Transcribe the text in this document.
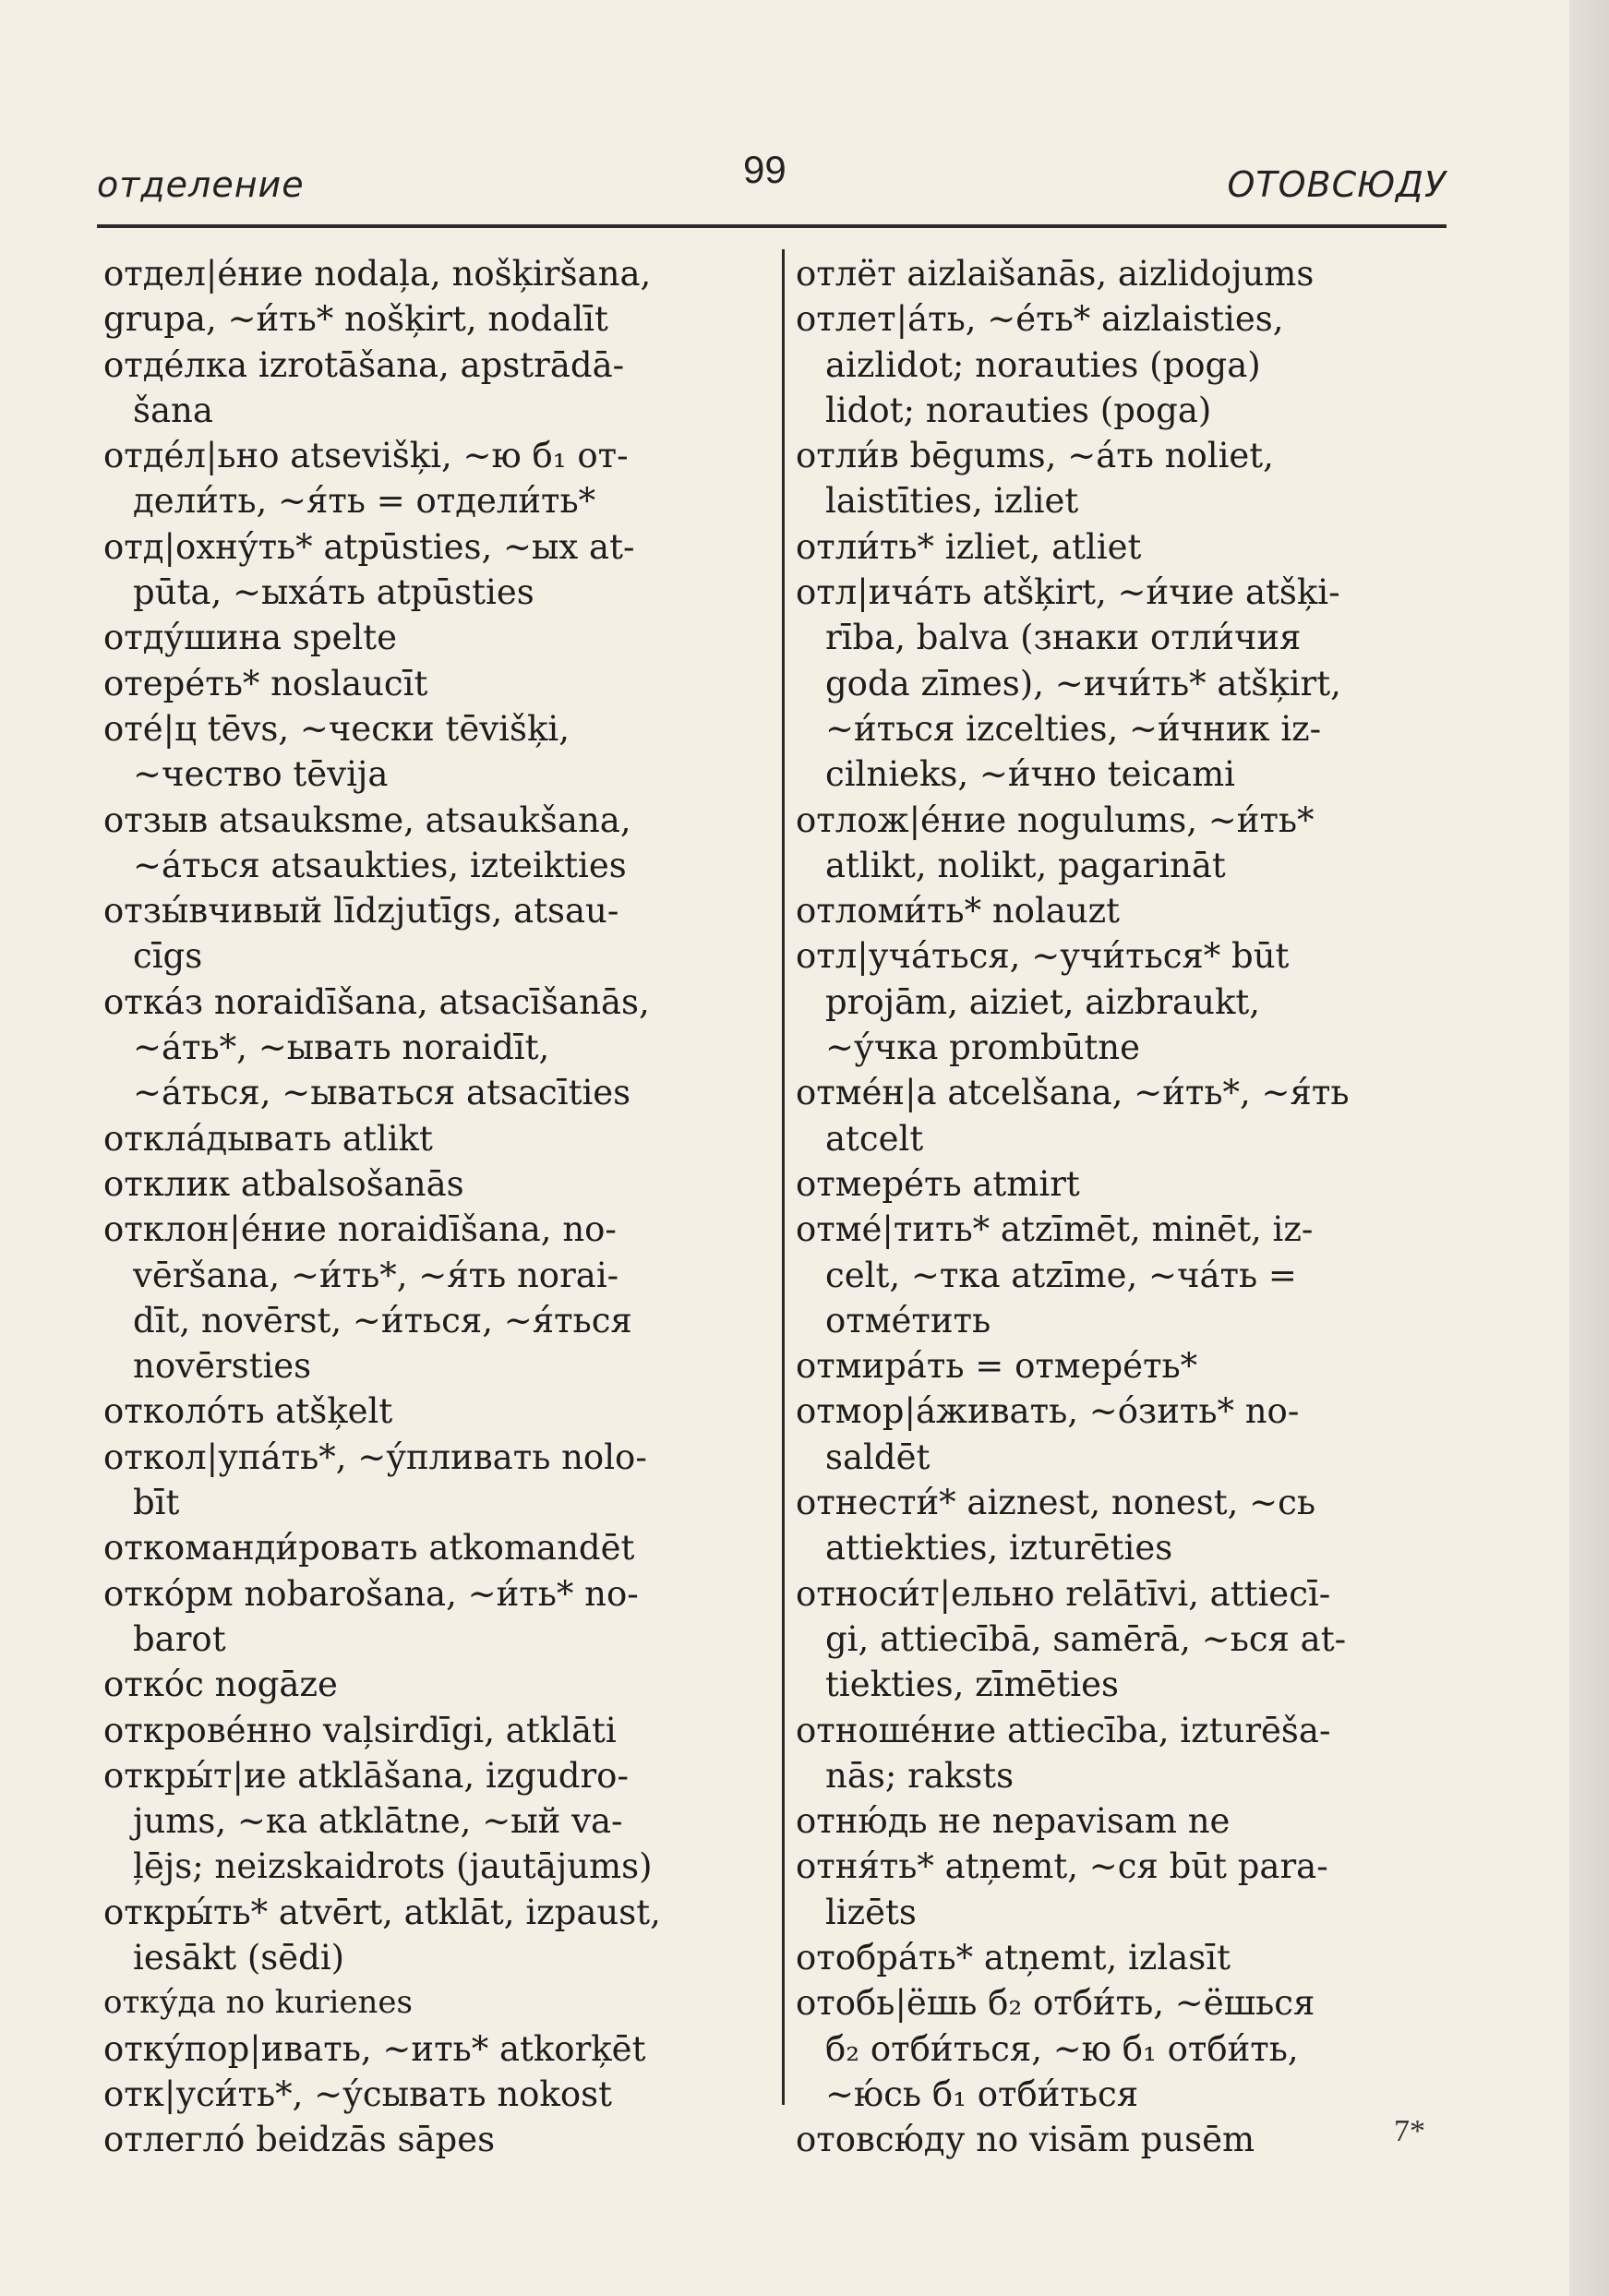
отделение	99	ОТОВСЮДУ
отдел|éние nodaļa, nošķiršana,
grupa, ~и́ть* nošķirt, nodalīt
отдéлка izrotāšana, apstrādā-
šana
отдéл|ьно atsevišķi, ~ю б₁ от-
дели́ть, ~я́ть = отдели́ть*
отд|охну́ть* atpūsties, ~ых at-
pūta, ~ыхáть atpūsties
отду́шина spelte
отерéть* noslaucīt
оте́|ц tēvs, ~чески tēvišķi,
~чество tēvija
отзыв atsauksme, atsaukšana,
~áться atsaukties, izteikties
отзы́вчивый līdzjutīgs, atsau-
cīgs
откáз noraidīšana, atsacīšanās,
~áть*, ~ывать noraidīt,
~áться, ~ываться atsacīties
отклáдывать atlikt
отклик atbalsošanās
отклон|éние noraidīšana, no-
vēršana, ~и́ть*, ~я́ть norai-
dīt, novērst, ~и́ться, ~я́ться
novērsties
отколóть atšķelt
откол|упáть*, ~у́пливать nolo-
bīt
откоманди́ровать atkomandēt
откóрм nobarošana, ~и́ть* no-
barot
откóс nogāze
откровéнно vaļsirdīgi, atklāti
откры́т|ие atklāšana, izgudro-
jums, ~ка atklātne, ~ый va-
ļējs; neizskaidrots (jautājums)
откры́ть* atvērt, atklāt, izpaust,
iesākt (sēdi)
отку́да no kurienes
отку́пор|ивать, ~ить* atkorķēt
отк|уси́ть*, ~у́сывать nokost
отлегло́ beidzās sāpes
отлёт aizlaišanās, aizlidojums
отлет|áть, ~éть* aizlaisties,
aizlidot; norauties (poga)
lidot; norauties (poga)
отли́в bēgums, ~áть noliet,
laistīties, izliet
отли́ть* izliet, atliet
отл|ичáть atšķirt, ~и́чие atšķi-
rība, balva (знаки отли́чия
goda zīmes), ~ичи́ть* atšķirt,
~и́ться izcelties, ~и́чник iz-
cilnieks, ~и́чно teicami
отлож|éние nogulums, ~и́ть*
atlikt, nolikt, pagarināt
отломи́ть* nolauzt
отл|учáться, ~учи́ться* būt
projām, aiziet, aizbraukt,
~у́чка prombūtne
отмéн|а atcelšana, ~и́ть*, ~я́ть
atcelt
отмерéть atmirt
отмé|тить* atzīmēt, minēt, iz-
celt, ~тка atzīme, ~чáть =
отмéтить
отмирáть = отмерéть*
отмор|áживать, ~óзить* no-
saldēt
отнести́* aiznest, nonest, ~сь
attiekties, izturēties
относи́т|ельно relātīvi, attiecī-
gi, attiecībā, samērā, ~ься at-
tiekties, zīmēties
отношéние attiecība, izturēša-
nās; raksts
отню́дь не nepavisam ne
отня́ть* atņemt, ~ся būt para-
lizēts
отобрáть* atņemt, izlasīt
отобь|ёшь б₂ отби́ть, ~ёшься
б₂ отби́ться, ~ю б₁ отби́ть,
~ю́сь б₁ отби́ться
отовсю́ду no visām pusēm	7*
